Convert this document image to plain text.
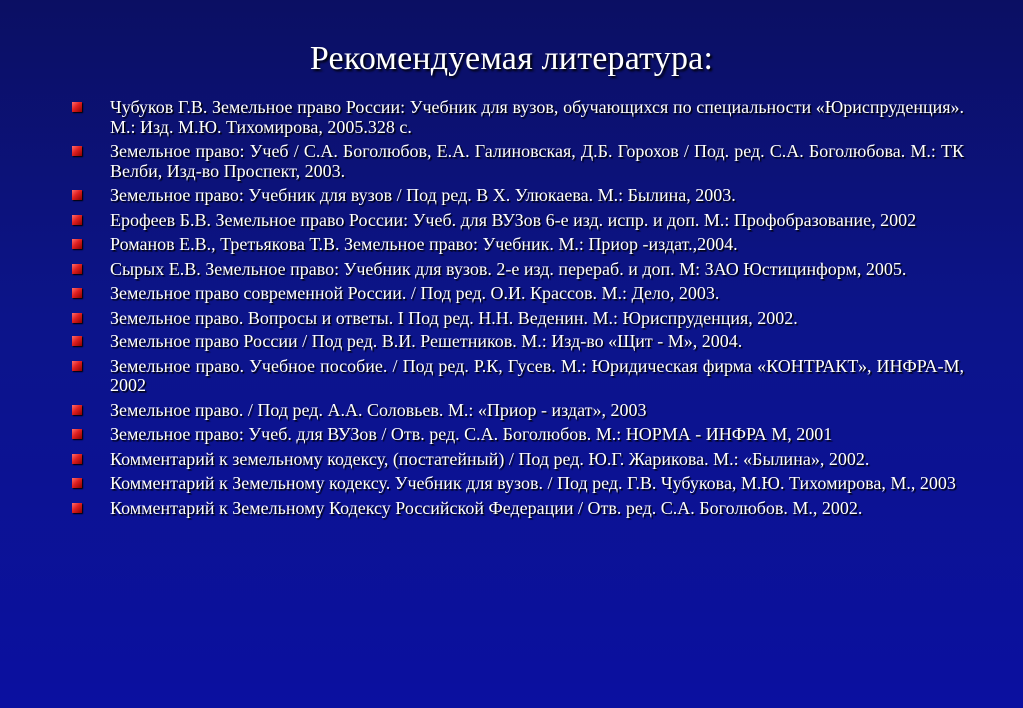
Рекомендуемая литература:
Чубуков Г.В. Земельное право России: Учебник для вузов, обучающихся по специальности «Юриспруденция». М.: Изд. М.Ю. Тихомирова, 2005.328 с.
Земельное право: Учеб / С.А. Боголюбов, Е.А. Галиновская, Д.Б. Горохов / Под. ред. С.А. Боголюбова. М.: ТК Велби, Изд-во Проспект, 2003.
Земельное право: Учебник для вузов / Под ред. В Х. Улюкаева. М.: Былина, 2003.
Ерофеев Б.В. Земельное право России: Учеб. для ВУЗов 6-е изд. испр. и доп. М.: Профобразование, 2002
Романов Е.В., Третьякова Т.В. Земельное право: Учебник. М.: Приор -издат.,2004.
Сырых Е.В. Земельное право: Учебник для вузов. 2-е изд. перераб. и доп. М: ЗАО Юстицинформ, 2005.
Земельное право современной России. / Под ред. О.И. Крассов. М.: Дело, 2003.
Земельное право. Вопросы и ответы. I Под ред. Н.Н. Веденин. М.: Юриспруденция, 2002.
Земельное право России / Под ред. В.И. Решетников. М.: Изд-во «Щит - М», 2004.
Земельное право. Учебное пособие. / Под ред. Р.К, Гусев. М.: Юридическая фирма «КОНТРАКТ», ИНФРА-М, 2002
Земельное право. / Под ред. А.А. Соловьев. М.: «Приор - издат», 2003
Земельное право: Учеб. для ВУЗов / Отв. ред. С.А. Боголюбов. М.: НОРМА - ИНФРА М, 2001
Комментарий к земельному кодексу, (постатейный) / Под ред. Ю.Г. Жарикова. М.: «Былина», 2002.
Комментарий к Земельному кодексу. Учебник для вузов. / Под ред. Г.В. Чубукова, М.Ю. Тихомирова, М., 2003
Комментарий к Земельному Кодексу Российской Федерации / Отв. ред. С.А. Боголюбов. М., 2002.
